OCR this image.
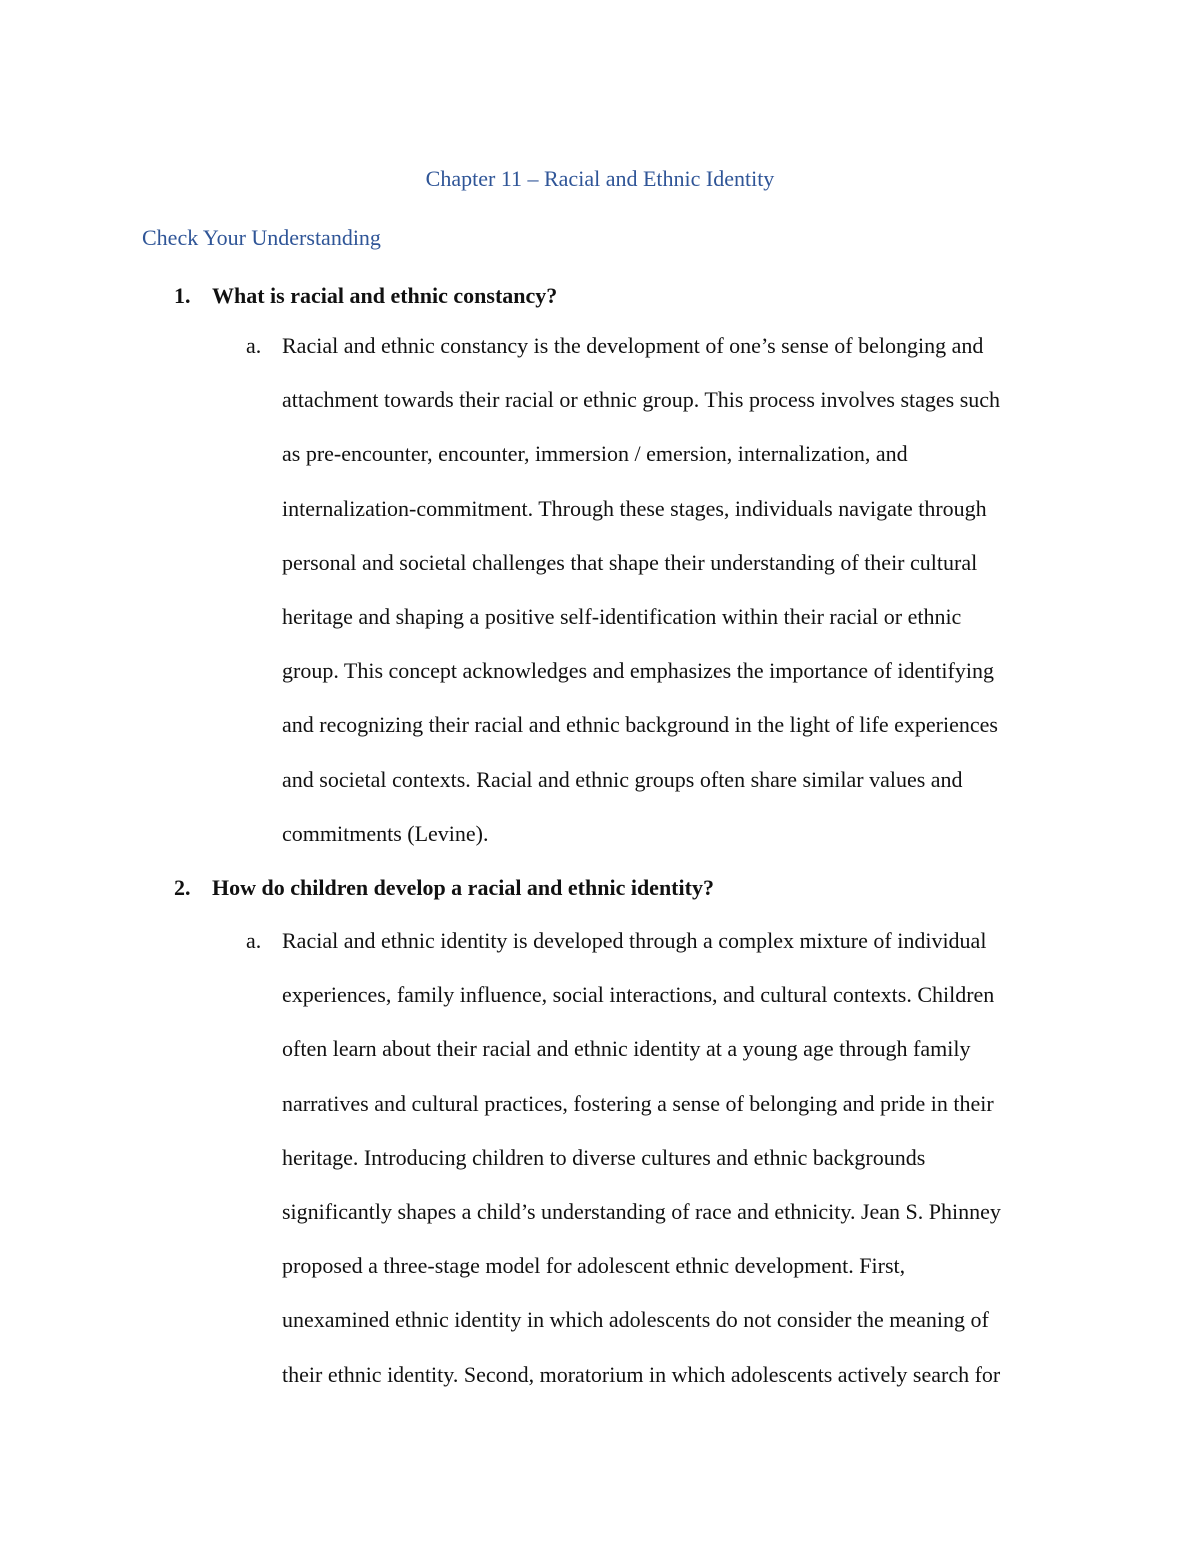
Chapter 11 – Racial and Ethnic Identity
Check Your Understanding
1. What is racial and ethnic constancy?
a. Racial and ethnic constancy is the development of one’s sense of belonging and
attachment towards their racial or ethnic group. This process involves stages such
as pre-encounter, encounter, immersion / emersion, internalization, and
internalization-commitment. Through these stages, individuals navigate through
personal and societal challenges that shape their understanding of their cultural
heritage and shaping a positive self-identification within their racial or ethnic
group. This concept acknowledges and emphasizes the importance of identifying
and recognizing their racial and ethnic background in the light of life experiences
and societal contexts. Racial and ethnic groups often share similar values and
commitments (Levine).
2. How do children develop a racial and ethnic identity?
a. Racial and ethnic identity is developed through a complex mixture of individual
experiences, family influence, social interactions, and cultural contexts. Children
often learn about their racial and ethnic identity at a young age through family
narratives and cultural practices, fostering a sense of belonging and pride in their
heritage. Introducing children to diverse cultures and ethnic backgrounds
significantly shapes a child’s understanding of race and ethnicity. Jean S. Phinney
proposed a three-stage model for adolescent ethnic development. First,
unexamined ethnic identity in which adolescents do not consider the meaning of
their ethnic identity. Second, moratorium in which adolescents actively search for
